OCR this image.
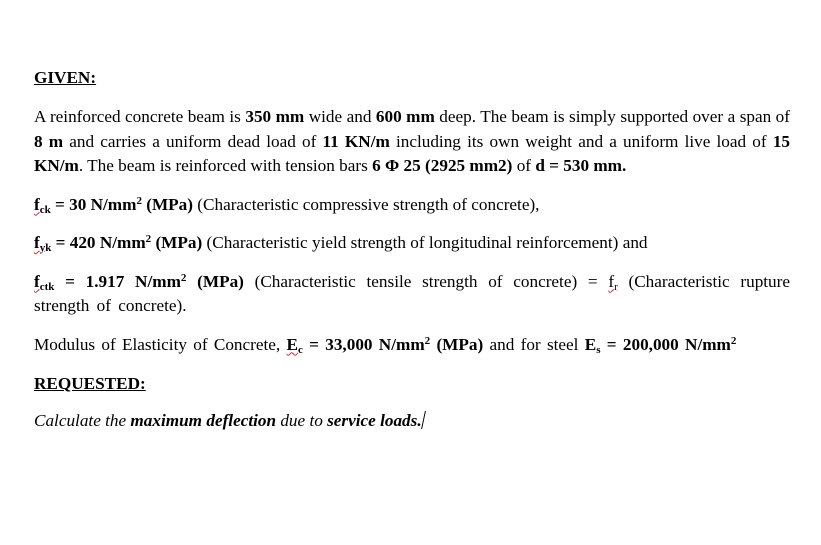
GIVEN:

A reinforced concrete beam is 350 mm wide and 600 mm deep. The beam is simply supported over a span of 8 m and carries a uniform dead load of 11 KN/m including its own weight and a uniform live load of 15 KN/m. The beam is reinforced with tension bars 6 Φ 25 (2925 mm2) of d = 530 mm.

$f_{ck} = 30$ $N/mm^2$ (MPa) (Characteristic compressive strength of concrete),

$f_{yk} = 420$ $N/mm^2$ (MPa) (Characteristic yield strength of longitudinal reinforcement) and

$f_{ctk} = 1.917$ $N/mm^2$ (MPa) (Characteristic tensile strength of concrete) = $f_r$ (Characteristic rupture strength of concrete).

Modulus of Elasticity of Concrete, $E_c = 33,000$ $N/mm^2$ (MPa) and for steel $E_s = 200,000$ $N/mm^2$

REQUESTED:

Calculate the maximum deflection due to service loads.
